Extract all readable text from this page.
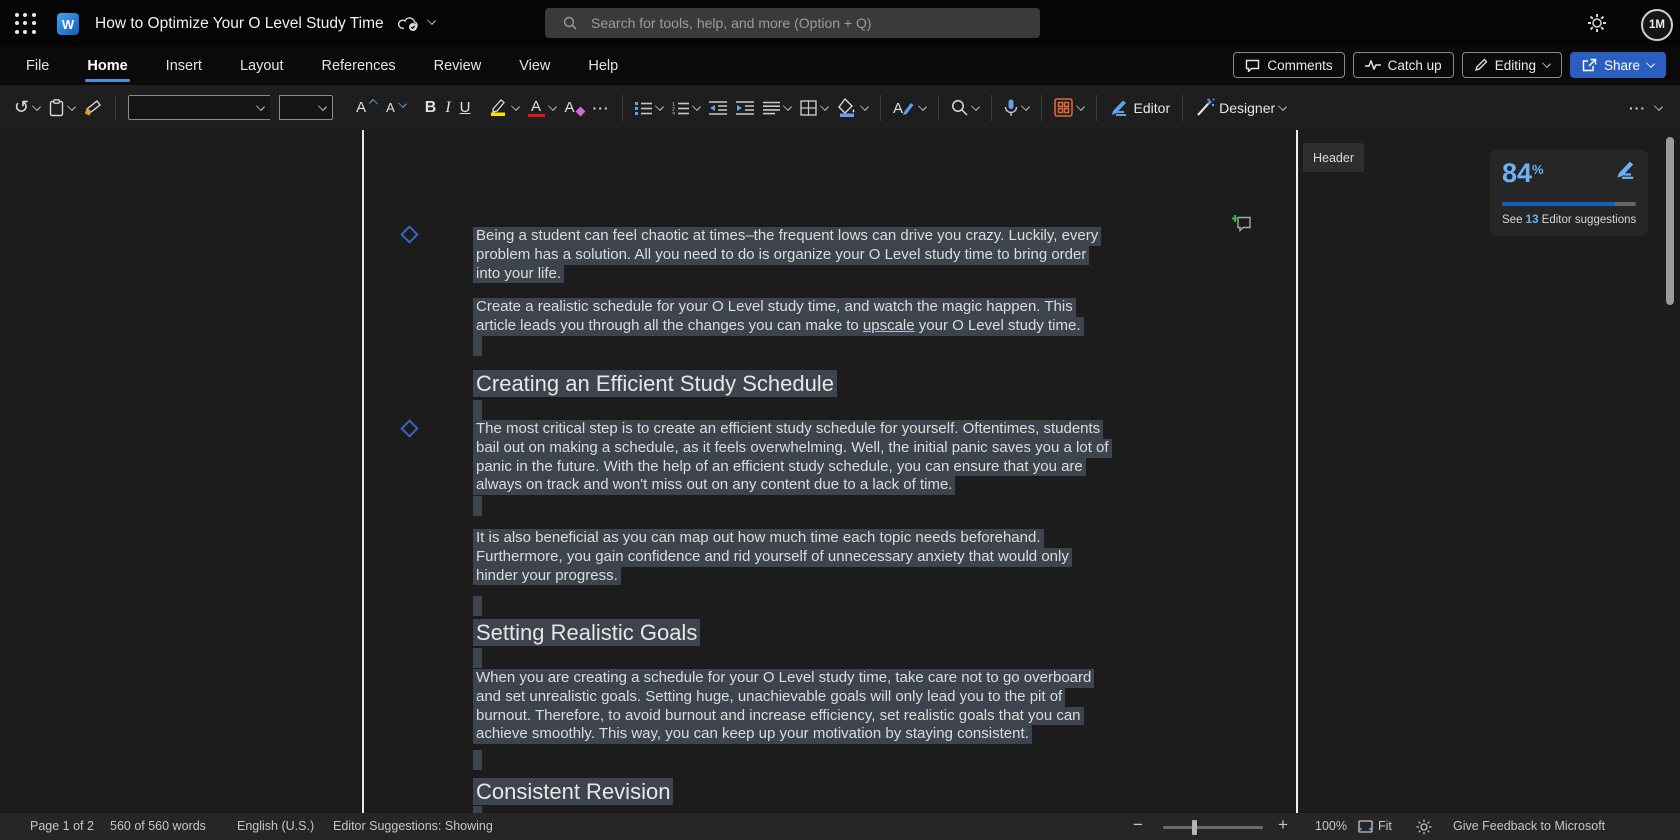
W	How to Optimize Your O Level Study Time
Search for tools, help, and more (Option + Q)	1M
File	Home	Insert	Layout	References	Review	View	Help	Comments	Catch up	Editing	Share
↺	A A B I U	A A ···	1
2
3	A	Editor	Designer	···
Header
84%
See 13 Editor suggestions
Being a student can feel chaotic at times–the frequent lows can drive you crazy. Luckily, every
problem has a solution. All you need to do is organize your O Level study time to bring order
into your life.
Create a realistic schedule for your O Level study time, and watch the magic happen. This
article leads you through all the changes you can make to upscale your O Level study time.
Creating an Efficient Study Schedule
The most critical step is to create an efficient study schedule for yourself. Oftentimes, students
bail out on making a schedule, as it feels overwhelming. Well, the initial panic saves you a lot of
panic in the future. With the help of an efficient study schedule, you can ensure that you are
always on track and won't miss out on any content due to a lack of time.
It is also beneficial as you can map out how much time each topic needs beforehand.
Furthermore, you gain confidence and rid yourself of unnecessary anxiety that would only
hinder your progress.
Setting Realistic Goals
When you are creating a schedule for your O Level study time, take care not to go overboard
and set unrealistic goals. Setting huge, unachievable goals will only lead you to the pit of
burnout. Therefore, to avoid burnout and increase efficiency, set realistic goals that you can
achieve smoothly. This way, you can keep up your motivation by staying consistent.
Consistent Revision
Page 1 of 2 560 of 560 words English (U.S.) Editor Suggestions: Showing	−	+ 100% Fit	Give Feedback to Microsoft
